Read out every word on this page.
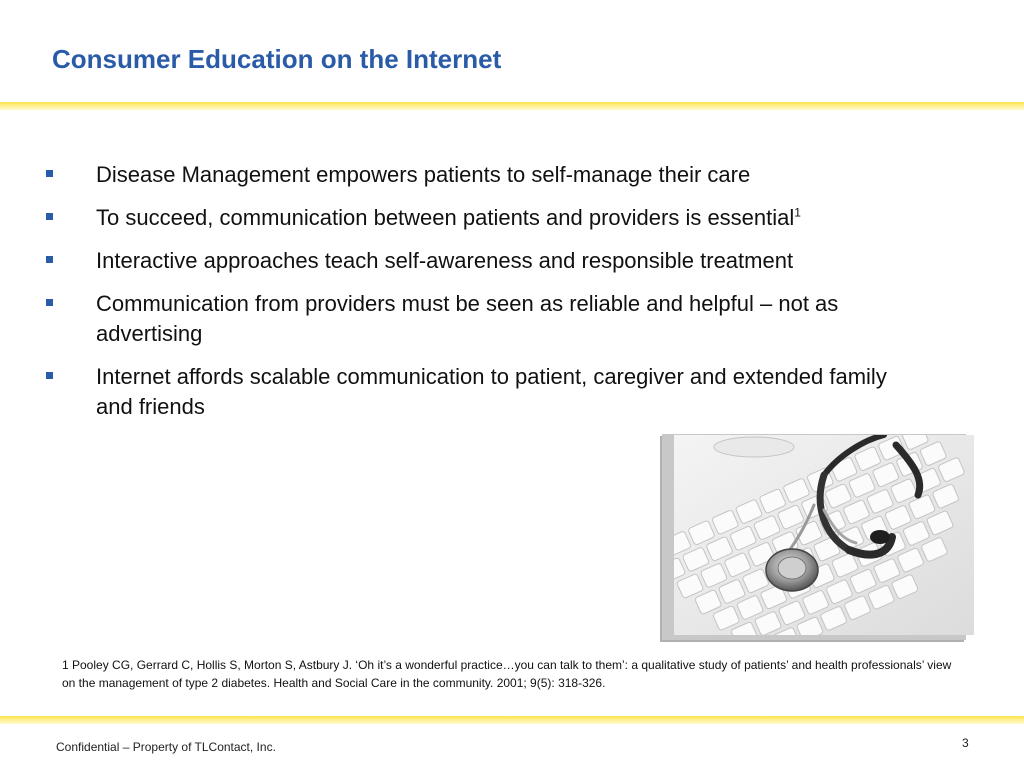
Consumer Education on the Internet
Disease Management empowers patients to self-manage their care
To succeed, communication between patients and providers is essential$^1$
Interactive approaches teach self-awareness and responsible treatment
Communication from providers must be seen as reliable and helpful – not as advertising
Internet affords scalable communication to patient, caregiver and extended family and friends
1 Pooley CG, Gerrard C, Hollis S, Morton S, Astbury J. ‘Oh it’s a wonderful practice…you can talk to them’: a qualitative study of patients’ and health professionals’ view on the management of type 2 diabetes. Health and Social Care in the community. 2001; 9(5): 318-326.
Confidential – Property of TLContact, Inc.	3
